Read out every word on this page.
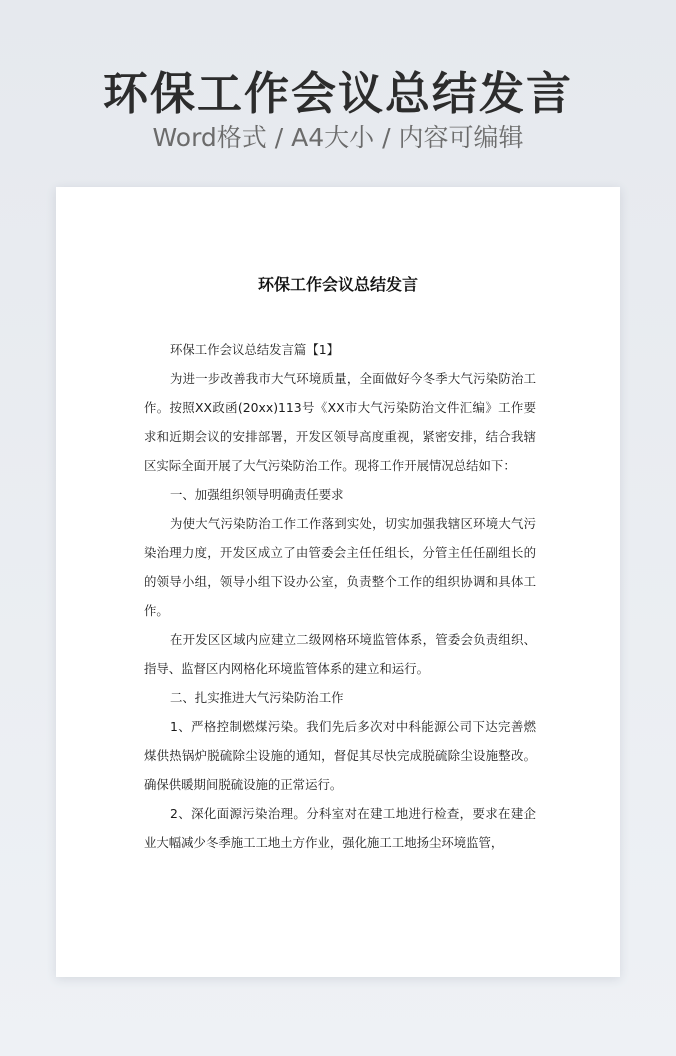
环保工作会议总结发言
Word格式 / A4大小 / 内容可编辑
环保工作会议总结发言

环保工作会议总结发言篇【1】

为进一步改善我市大气环境质量，全面做好今冬季大气污染防治工作。按照XX政函(20xx)113号《XX市大气污染防治文件汇编》工作要求和近期会议的安排部署，开发区领导高度重视，紧密安排，结合我辖区实际全面开展了大气污染防治工作。现将工作开展情况总结如下：

一、加强组织领导明确责任要求

为使大气污染防治工作工作落到实处，切实加强我辖区环境大气污染治理力度，开发区成立了由管委会主任任组长，分管主任任副组长的的领导小组，领导小组下设办公室，负责整个工作的组织协调和具体工作。

在开发区区域内应建立二级网格环境监管体系，管委会负责组织、指导、监督区内网格化环境监管体系的建立和运行。

二、扎实推进大气污染防治工作

1、严格控制燃煤污染。我们先后多次对中科能源公司下达完善燃煤供热锅炉脱硫除尘设施的通知，督促其尽快完成脱硫除尘设施整改。确保供暖期间脱硫设施的正常运行。

2、深化面源污染治理。分科室对在建工地进行检查，要求在建企业大幅减少冬季施工工地土方作业，强化施工工地扬尘环境监管，
